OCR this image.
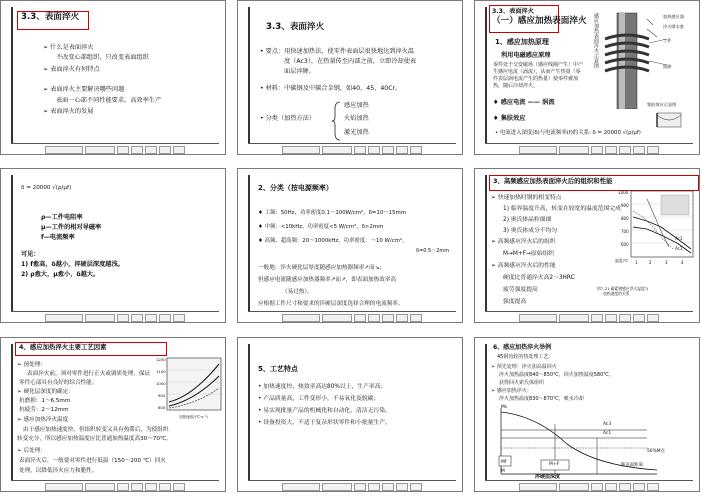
3.3、表面淬火
➢ 什么是表面淬火
不改变心部组织，只改变表面组织
➢ 表面淬火有何特点
➢ 表面淬火主要解决哪些问题
表面一心部不同性能要求，高效率生产
➢ 表面淬火的发展
3.3、表面淬火
• 要点：用快速加热法，使零件表面层很快地达到淬火温
度（Ac3），在热量传至内部之前，立即冷却使表
面层淬硬。
• 材料：中碳钢及中碳合金钢，如40、45、40Cr。
• 分类（加热方法）
感应加热
火焰加热
激光加热
3.3、表面淬火
（一）感应加热表面淬火
1、感应加热原理
利用电磁感应原理
零件处于交变磁场（感应线圈产生）中产
生感应电流（涡流），从而产生热量（零
件表层涡电流产生的热量）使零件被加
热，随后冷却淬火。
感应加热表面淬火示意图	加热感应器
淬火喷水套
工件
间隙
集肤效应示意图
♦ 感应电流 —— 涡流
♦ 集肤效应
• 电流进入深度(δ)与电流频率(f)的关系: δ = 20000 √(ρ/μf)
δ = 20000 √(ρ/μf)
ρ—工件电阻率
μ—工件的相对导磁率
f—电流频率
可见：
1) f愈高，δ越小，淬硬层深度越浅。
2) ρ愈大，μ愈小，δ越大。
2、分类（按电源频率）
♦ 工频：50Hz，功率密度0.1～100W/cm²，δ=10～15mm
♦ 中频：<10kHz，功率密度<5 W/cm²，δ>2mm
♦ 高频、超高频：20～1000kHz，功率密度：～10 W/cm²，
δ=0.5～2mm
一般地：淬火硬化层厚度随感应加热器频率↗而↘；
但感应电流随感应加热器频率↗而↗，即表面加热效率高
（易过热）。
应根据工件尺寸和要求的淬硬层深度选择合理的电流频率。
3、高频感应加热表面淬火后的组织和性能
➢ 快速加热时钢的相变特点
1) 临界温度升高，转变在较宽的温度范围完成
2) 奥氏体晶粒细细
3) 奥氏体成分不均匀
➢ 高频感应淬火后的组织
M→M+F→原始组织
➢ 高频感应淬火后的性能
硬度比普通淬火高2～3HRC
疲劳强度提高
强度提高
1000
900
800
700
600
温度/℃ 1	2	3	4
Ac3
Ac1
图7-21 碳素钢感应淬火温度与
加热速度的关系
4、感应加热淬火主要工艺因素
➢ 预处理:
表面淬火前，须对零件进行正火或调质处理，保证
零件心部具有良好的综合性能。
➢ 硬化层深度的确定：
抗磨损：1～6.5mm
抗疲劳：2～12mm
➢ 感应加热淬火温度
由于感应加热速度快，但组织转变又具有热滞后，为使组织
转变充分，所以感应加热温度应比普通加热温度高30～70℃。
➢ 后处理：
表面淬火后，一般要对零件进行低温（150～200 ℃）回火
处理，以降低淬火应力和脆性。
1200
1100
1000
900
800
加热速度/(℃·s⁻¹)
5、工艺特点
• 加热速度快，热效率高达80%以上，生产率高；
• 产品质量高，工件变形小，不易氧化及脱碳；
• 易实现批量产品的机械化和自动化，清洁无污染。
• 设备投资大，不适于复杂形状零件和小批量生产。
6、感应加热淬火举例
45钢齿轮的热处理工艺：
➢ 预先处理：淬火加高温回火
淬火加热温度840～850℃，回火加热温度580℃，
获得回火索氏体组织
➢ 感应加热淬火：
淬火加热温度830～870℃，喷水冷却
Ac3
Ac1
50%M点
Mf
M
M+F
Ms
距表面距离
淬硬层深度
